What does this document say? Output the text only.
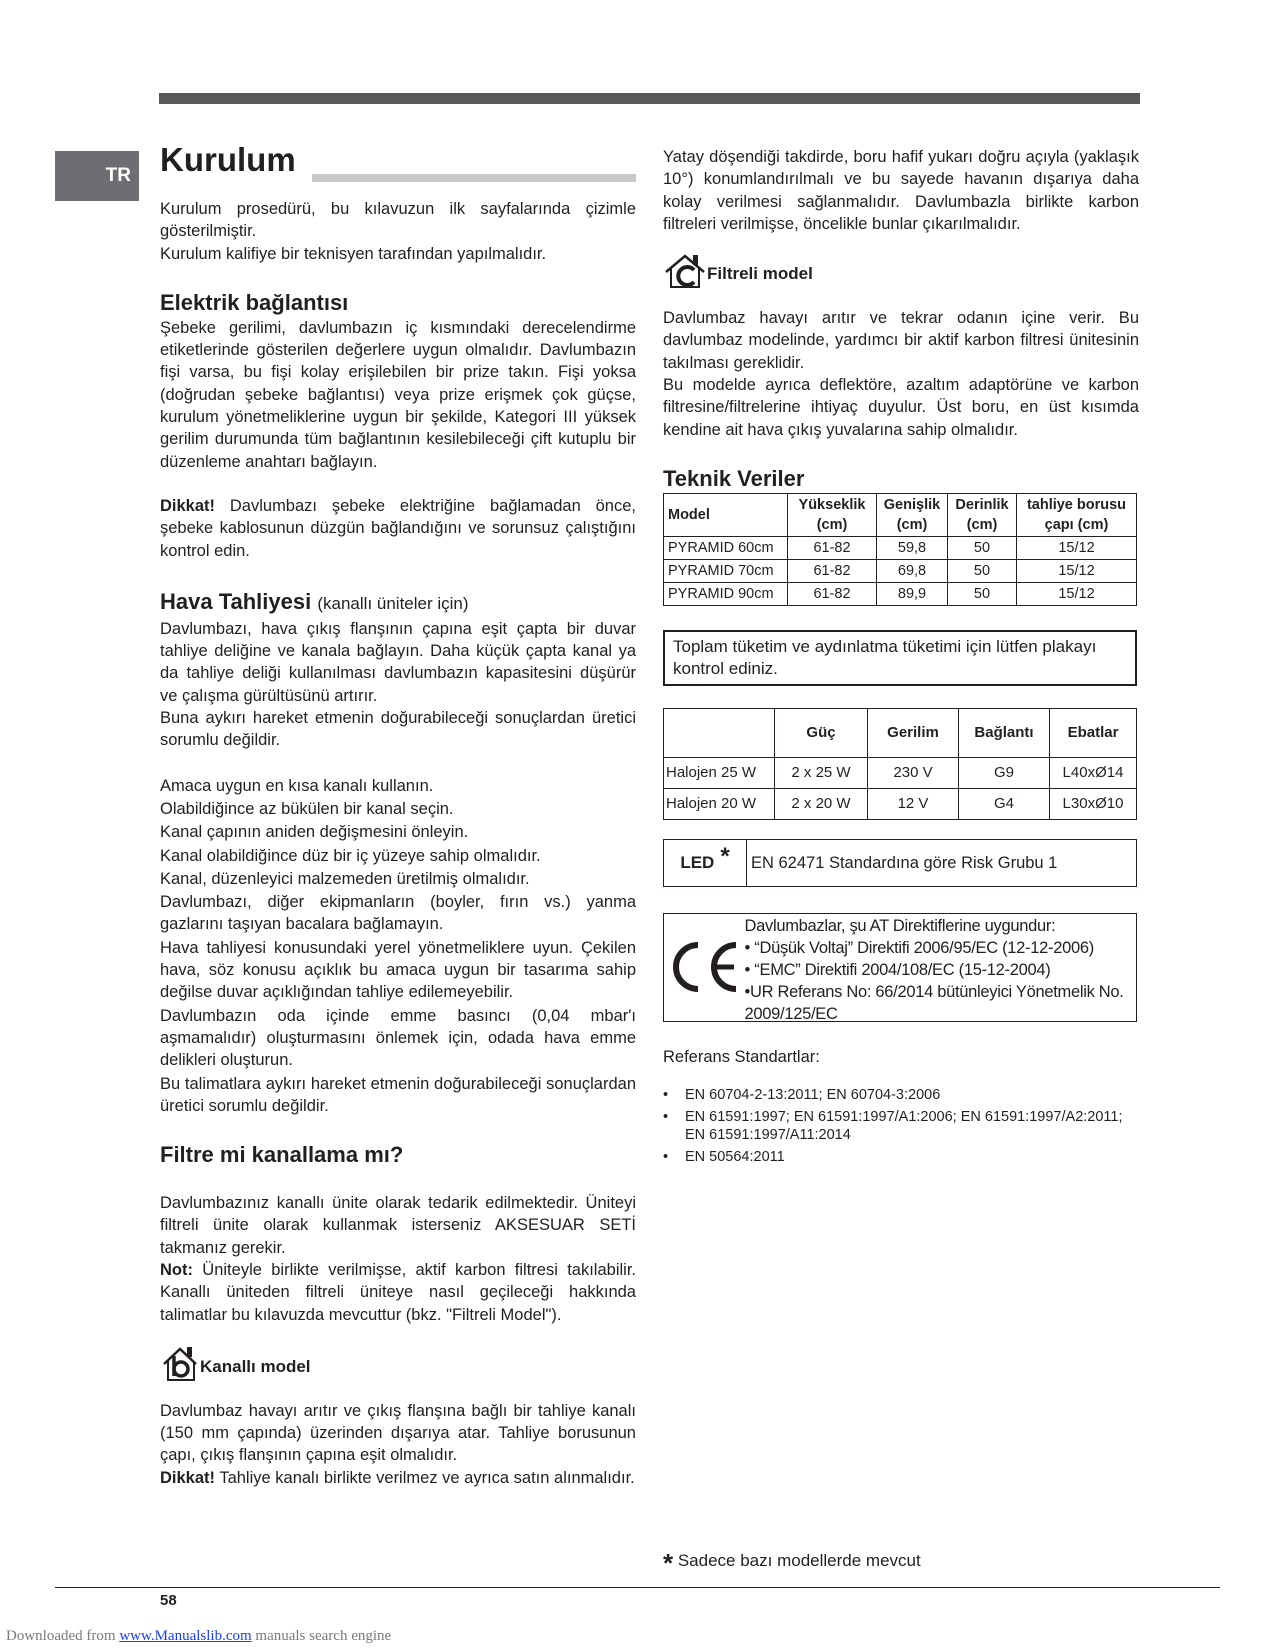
TR Kurulum

Kurulum prosedürü, bu kılavuzun ilk sayfalarında çizimle gösterilmiştir.

Kurulum kalifiye bir teknisyen tarafından yapılmalıdır.

Elektrik bağlantısı

Şebeke gerilimi, davlumbazın iç kısmındaki derecelendirme etiketlerinde gösterilen değerlere uygun olmalıdır. Davlumbazın fişi varsa, bu fişi kolay erişilebilen bir prize takın. Fişi yoksa (doğrudan şebeke bağlantısı) veya prize erişmek çok güçse, kurulum yönetmeliklerine uygun bir şekilde, Kategori III yüksek gerilim durumunda tüm bağlantının kesilebileceği çift kutuplu bir düzenleme anahtarı bağlayın.

Dikkat! Davlumbazı şebeke elektriğine bağlamadan önce, şebeke kablosunun düzgün bağlandığını ve sorunsuz çalıştığını kontrol edin.

Hava Tahliyesi (kanallı üniteler için)

Davlumbazı, hava çıkış flanşının çapına eşit çapta bir duvar tahliye deliğine ve kanala bağlayın. Daha küçük çapta kanal ya da tahliye deliği kullanılması davlumbazın kapasitesini düşürür ve çalışma gürültüsünü artırır.

Buna aykırı hareket etmenin doğurabileceği sonuçlardan üretici sorumlu değildir.

Amaca uygun en kısa kanalı kullanın.

Olabildiğince az bükülen bir kanal seçin.

Kanal çapının aniden değişmesini önleyin.

Kanal olabildiğince düz bir iç yüzeye sahip olmalıdır.

Kanal, düzenleyici malzemeden üretilmiş olmalıdır.

Davlumbazı, diğer ekipmanların (boyler, fırın vs.) yanma gazlarını taşıyan bacalara bağlamayın.

Hava tahliyesi konusundaki yerel yönetmeliklere uyun. Çekilen hava, söz konusu açıklık bu amaca uygun bir tasarıma sahip değilse duvar açıklığından tahliye edilemeyebilir.

Davlumbazın oda içinde emme basıncı (0,04 mbar'ı aşmamalıdır) oluşturmasını önlemek için, odada hava emme delikleri oluşturun.

Bu talimatlara aykırı hareket etmenin doğurabileceği sonuçlardan üretici sorumlu değildir.

Filtre mi kanallama mı?

Davlumbazınız kanallı ünite olarak tedarik edilmektedir. Üniteyi filtreli ünite olarak kullanmak isterseniz AKSESUAR SETİ takmanız gerekir.

Not: Üniteyle birlikte verilmişse, aktif karbon filtresi takılabilir. Kanallı üniteden filtreli üniteye nasıl geçileceği hakkında talimatlar bu kılavuzda mevcuttur (bkz. "Filtreli Model").

Kanallı model

Davlumbaz havayı arıtır ve çıkış flanşına bağlı bir tahliye kanalı (150 mm çapında) üzerinden dışarıya atar. Tahliye borusunun çapı, çıkış flanşının çapına eşit olmalıdır.

Dikkat! Tahliye kanalı birlikte verilmez ve ayrıca satın alınmalıdır.

Yatay döşendiği takdirde, boru hafif yukarı doğru açıyla (yaklaşık 10°) konumlandırılmalı ve bu sayede havanın dışarıya daha kolay verilmesi sağlanmalıdır. Davlumbazla birlikte karbon filtreleri verilmişse, öncelikle bunlar çıkarılmalıdır.

Filtreli model

Davlumbaz havayı arıtır ve tekrar odanın içine verir. Bu davlumbaz modelinde, yardımcı bir aktif karbon filtresi ünitesinin takılması gereklidir.

Bu modelde ayrıca deflektöre, azaltım adaptörüne ve karbon filtresine/filtrelerine ihtiyaç duyulur. Üst boru, en üst kısımda kendine ait hava çıkış yuvalarına sahip olmalıdır.

Teknik Veriler
Model	Yükseklik (cm)	Genişlik (cm)	Derinlik (cm)	tahliye borusu çapı (cm)
PYRAMID 60cm	61-82	59,8	50	15/12
PYRAMID 70cm	61-82	69,8	50	15/12
PYRAMID 90cm	61-82	89,9	50	15/12
Toplam tüketim ve aydınlatma tüketimi için lütfen plakayı kontrol ediniz.
	Güç	Gerilim	Bağlantı	Ebatlar
Halojen 25 W	2 x 25 W	230 V	G9	L40xØ14
Halojen 20 W	2 x 20 W	12 V	G4	L30xØ10
LED * EN 62471 Standardına göre Risk Grubu 1
Davlumbazlar, şu AT Direktiflerine uygundur:
• “Düşük Voltaj” Direktifi 2006/95/EC (12-12-2006)
• “EMC” Direktifi 2004/108/EC (15-12-2004)
•UR Referans No: 66/2014 bütünleyici Yönetmelik No. 2009/125/EC

Referans Standartlar:

• EN 60704-2-13:2011; EN 60704-3:2006
• EN 61591:1997; EN 61591:1997/A1:2006; EN 61591:1997/A2:2011; EN 61591:1997/A11:2014
• EN 50564:2011
* Sadece bazı modellerde mevcut
58
Downloaded from www.Manualslib.com manuals search engine
